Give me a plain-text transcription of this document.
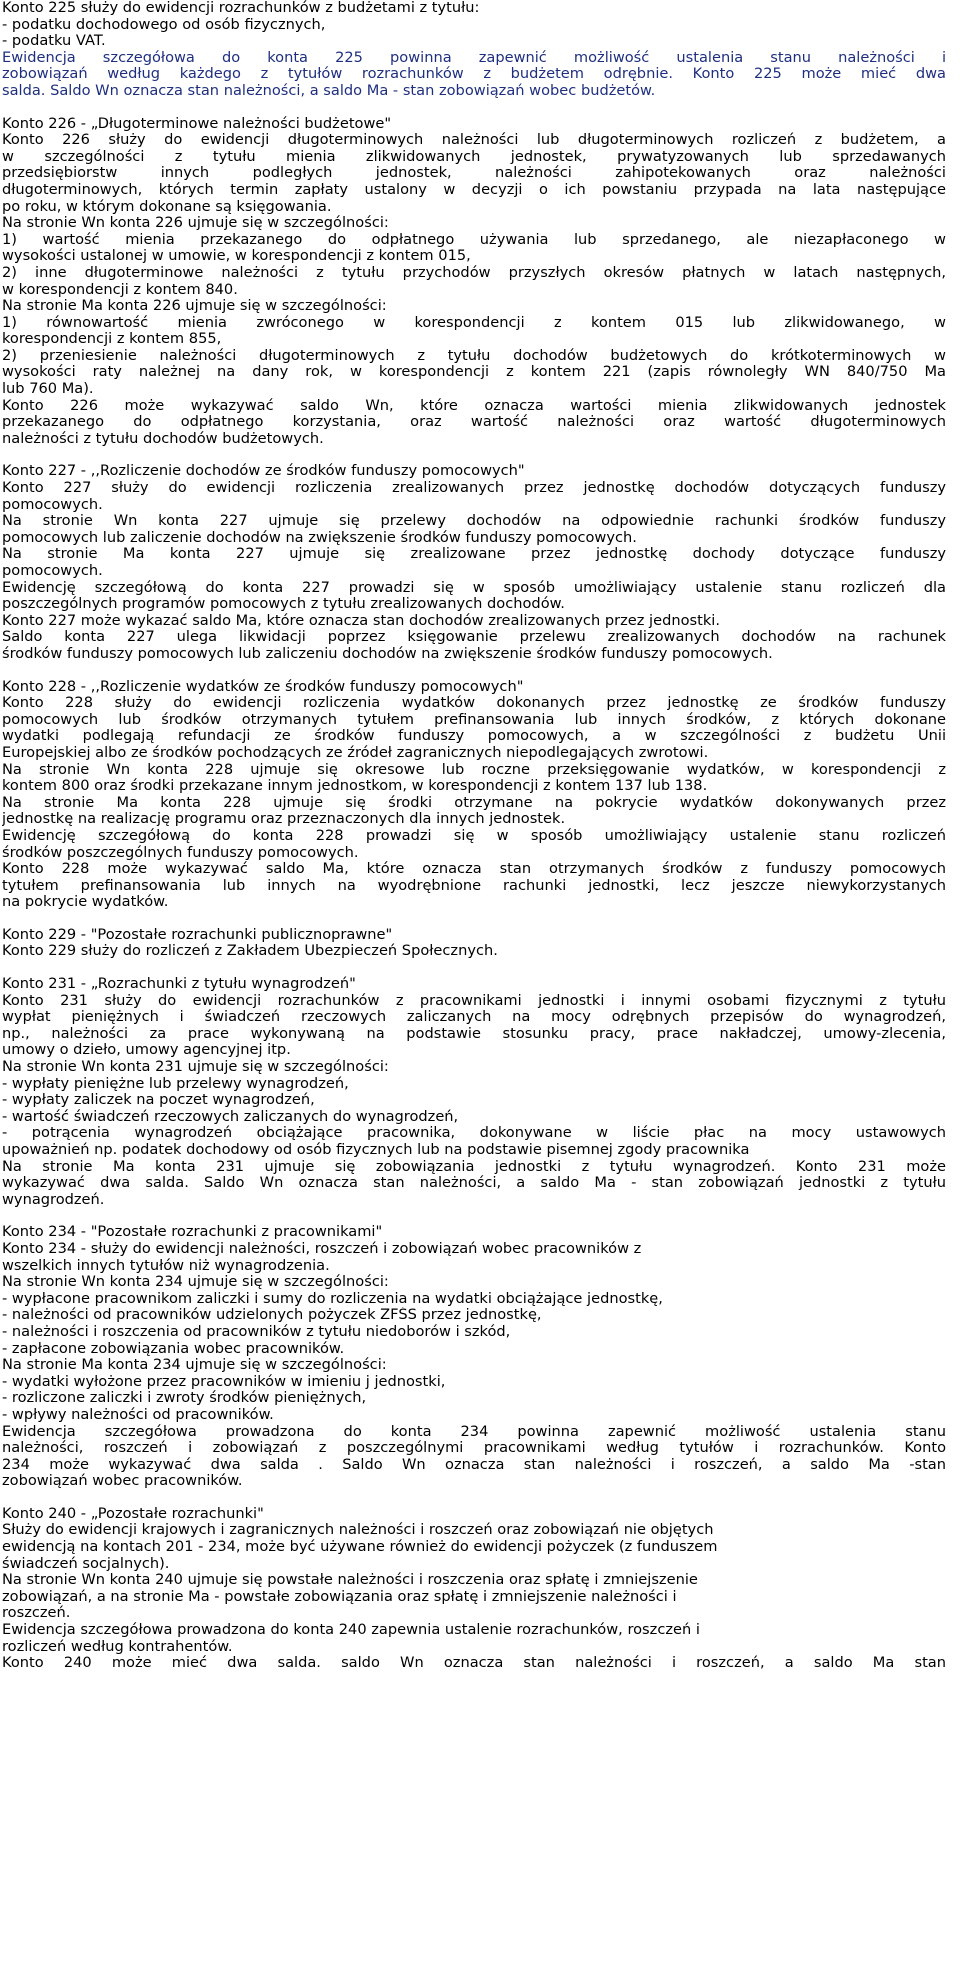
Konto 225 służy do ewidencji rozrachunków z budżetami z tytułu:
- podatku dochodowego od osób fizycznych,
- podatku VAT.
Ewidencja szczegółowa do konta 225 powinna zapewnić możliwość ustalenia stanu należności i
zobowiązań według każdego z tytułów rozrachunków z budżetem odrębnie. Konto 225 może mieć dwa
salda. Saldo Wn oznacza stan należności, a saldo Ma - stan zobowiązań wobec budżetów.
Konto 226 - „Długoterminowe należności budżetowe"
Konto 226 służy do ewidencji długoterminowych należności lub długoterminowych rozliczeń z budżetem, a
w szczególności z tytułu mienia zlikwidowanych jednostek, prywatyzowanych lub sprzedawanych
przedsiębiorstw innych podległych jednostek, należności zahipotekowanych oraz należności
długoterminowych, których termin zapłaty ustalony w decyzji o ich powstaniu przypada na lata następujące
po roku, w którym dokonane są księgowania.
Na stronie Wn konta 226 ujmuje się w szczególności:
1) wartość mienia przekazanego do odpłatnego używania lub sprzedanego, ale niezapłaconego w
wysokości ustalonej w umowie, w korespondencji z kontem 015,
2) inne długoterminowe należności z tytułu przychodów przyszłych okresów płatnych w latach następnych,
w korespondencji z kontem 840.
Na stronie Ma konta 226 ujmuje się w szczególności:
1) równowartość mienia zwróconego w korespondencji z kontem 015 lub zlikwidowanego, w
korespondencji z kontem 855,
2) przeniesienie należności długoterminowych z tytułu dochodów budżetowych do krótkoterminowych w
wysokości raty należnej na dany rok, w korespondencji z kontem 221 (zapis równoległy WN 840/750 Ma
lub 760 Ma).
Konto 226 może wykazywać saldo Wn, które oznacza wartości mienia zlikwidowanych jednostek
przekazanego do odpłatnego korzystania, oraz wartość należności oraz wartość długoterminowych
należności z tytułu dochodów budżetowych.
Konto 227 - ,,Rozliczenie dochodów ze środków funduszy pomocowych"
Konto 227 służy do ewidencji rozliczenia zrealizowanych przez jednostkę dochodów dotyczących funduszy
pomocowych.
Na stronie Wn konta 227 ujmuje się przelewy dochodów na odpowiednie rachunki środków funduszy
pomocowych lub zaliczenie dochodów na zwiększenie środków funduszy pomocowych.
Na stronie Ma konta 227 ujmuje się zrealizowane przez jednostkę dochody dotyczące funduszy
pomocowych.
Ewidencję szczegółową do konta 227 prowadzi się w sposób umożliwiający ustalenie stanu rozliczeń dla
poszczególnych programów pomocowych z tytułu zrealizowanych dochodów.
Konto 227 może wykazać saldo Ma, które oznacza stan dochodów zrealizowanych przez jednostki.
Saldo konta 227 ulega likwidacji poprzez księgowanie przelewu zrealizowanych dochodów na rachunek
środków funduszy pomocowych lub zaliczeniu dochodów na zwiększenie środków funduszy pomocowych.
Konto 228 - ,,Rozliczenie wydatków ze środków funduszy pomocowych"
Konto 228 służy do ewidencji rozliczenia wydatków dokonanych przez jednostkę ze środków funduszy
pomocowych lub środków otrzymanych tytułem prefinansowania lub innych środków, z których dokonane
wydatki podlegają refundacji ze środków funduszy pomocowych, a w szczególności z budżetu Unii
Europejskiej albo ze środków pochodzących ze źródeł zagranicznych niepodlegających zwrotowi.
Na stronie Wn konta 228 ujmuje się okresowe lub roczne przeksięgowanie wydatków, w korespondencji z
kontem 800 oraz środki przekazane innym jednostkom, w korespondencji z kontem 137 lub 138.
Na stronie Ma konta 228 ujmuje się środki otrzymane na pokrycie wydatków dokonywanych przez
jednostkę na realizację programu oraz przeznaczonych dla innych jednostek.
Ewidencję szczegółową do konta 228 prowadzi się w sposób umożliwiający ustalenie stanu rozliczeń
środków poszczególnych funduszy pomocowych.
Konto 228 może wykazywać saldo Ma, które oznacza stan otrzymanych środków z funduszy pomocowych
tytułem prefinansowania lub innych na wyodrębnione rachunki jednostki, lecz jeszcze niewykorzystanych
na pokrycie wydatków.
Konto 229 - "Pozostałe rozrachunki publicznoprawne"
Konto 229 służy do rozliczeń z Zakładem Ubezpieczeń Społecznych.
Konto 231 - „Rozrachunki z tytułu wynagrodzeń"
Konto 231 służy do ewidencji rozrachunków z pracownikami jednostki i innymi osobami fizycznymi z tytułu
wypłat pieniężnych i świadczeń rzeczowych zaliczanych na mocy odrębnych przepisów do wynagrodzeń,
np., należności za prace wykonywaną na podstawie stosunku pracy, prace nakładczej, umowy-zlecenia,
umowy o dzieło, umowy agencyjnej itp.
Na stronie Wn konta 231 ujmuje się w szczególności:
- wypłaty pieniężne lub przelewy wynagrodzeń,
- wypłaty zaliczek na poczet wynagrodzeń,
- wartość świadczeń rzeczowych zaliczanych do wynagrodzeń,
- potrącenia wynagrodzeń obciążające pracownika, dokonywane w liście płac na mocy ustawowych
upoważnień np. podatek dochodowy od osób fizycznych lub na podstawie pisemnej zgody pracownika
Na stronie Ma konta 231 ujmuje się zobowiązania jednostki z tytułu wynagrodzeń. Konto 231 może
wykazywać dwa salda. Saldo Wn oznacza stan należności, a saldo Ma - stan zobowiązań jednostki z tytułu
wynagrodzeń.
Konto 234 - "Pozostałe rozrachunki z pracownikami"
Konto 234 - służy do ewidencji należności, roszczeń i zobowiązań wobec pracowników z
wszelkich innych tytułów niż wynagrodzenia.
Na stronie Wn konta 234 ujmuje się w szczególności:
- wypłacone pracownikom zaliczki i sumy do rozliczenia na wydatki obciążające jednostkę,
- należności od pracowników udzielonych pożyczek ZFŚS przez jednostkę,
- należności i roszczenia od pracowników z tytułu niedoborów i szkód,
- zapłacone zobowiązania wobec pracowników.
Na stronie Ma konta 234 ujmuje się w szczególności:
- wydatki wyłożone przez pracowników w imieniu j jednostki,
- rozliczone zaliczki i zwroty środków pieniężnych,
- wpływy należności od pracowników.
Ewidencja szczegółowa prowadzona do konta 234 powinna zapewnić możliwość ustalenia stanu
należności, roszczeń i zobowiązań z poszczególnymi pracownikami według tytułów i rozrachunków. Konto
234 może wykazywać dwa salda . Saldo Wn oznacza stan należności i roszczeń, a saldo Ma -stan
zobowiązań wobec pracowników.
Konto 240 - „Pozostałe rozrachunki"
Służy do ewidencji krajowych i zagranicznych należności i roszczeń oraz zobowiązań nie objętych
ewidencją na kontach 201 - 234, może być używane również do ewidencji pożyczek (z funduszem
świadczeń socjalnych).
Na stronie Wn konta 240 ujmuje się powstałe należności i roszczenia oraz spłatę i zmniejszenie
zobowiązań, a na stronie Ma - powstałe zobowiązania oraz spłatę i zmniejszenie należności i
roszczeń.
Ewidencja szczegółowa prowadzona do konta 240 zapewnia ustalenie rozrachunków, roszczeń i
rozliczeń według kontrahentów.
Konto 240 może mieć dwa salda. saldo Wn oznacza stan należności i roszczeń, a saldo Ma stan
